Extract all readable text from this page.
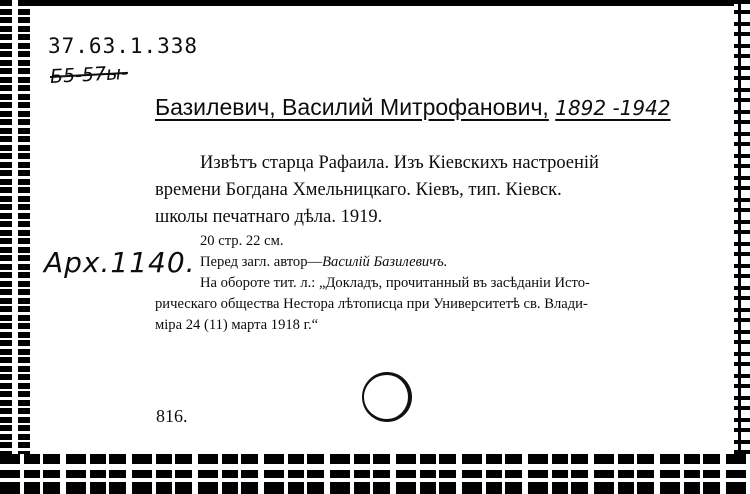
37.63.1.338
Б5-57ы-
Арх.1140.
Базилевич, Василий Митрофанович, 1892 -1942
Извѣтъ старца Рафаила. Изъ Кіевскихъ настроеній
времени Богдана Хмельницкаго. Кіевъ, тип. Кіевск.
школы печатнаго дѣла. 1919.
20 стр. 22 см.
Перед загл. автор—Василій Базилевичъ.
На обороте тит. л.: „Докладъ, прочитанный въ засѣданіи Исто-
рическаго общества Нестора лѣтописца при Университетѣ св. Влади-
міра 24 (11) марта 1918 г.“
816.
